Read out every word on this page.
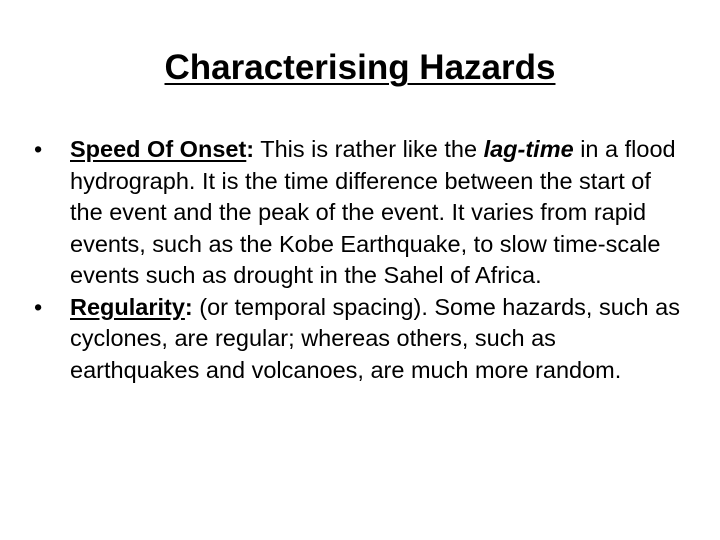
Characterising Hazards
•	Speed Of Onset: This is rather like the lag-time in a flood hydrograph. It is the time difference between the start of the event and the peak of the event. It varies from rapid events, such as the Kobe Earthquake, to slow time-scale events such as drought in the Sahel of Africa.
•	Regularity: (or temporal spacing). Some hazards, such as cyclones, are regular; whereas others, such as earthquakes and volcanoes, are much more random.
